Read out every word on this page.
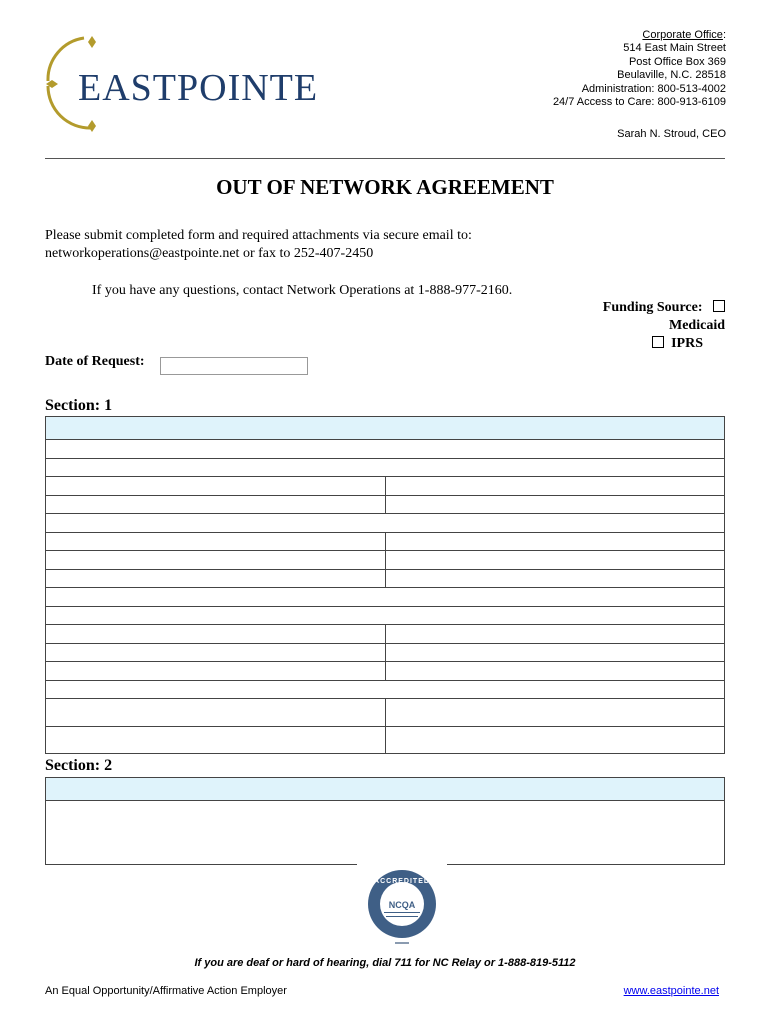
EASTPOINTE
Corporate Office:
514 East Main Street
Post Office Box 369
Beulaville, N.C. 28518
Administration: 800-513-4002
24/7 Access to Care: 800-913-6109
Sarah N. Stroud, CEO
OUT OF NETWORK AGREEMENT
Please submit completed form and required attachments via secure email to:
networkoperations@eastpointe.net or fax to 252-407-2450
If you have any questions, contact Network Operations at 1-888-977-2160.
Funding Source:
Medicaid
IPRS
Date of Request:
Section: 1
Section: 2
ACCREDITED
NCQA
If you are deaf or hard of hearing, dial 711 for NC Relay or 1-888-819-5112
An Equal Opportunity/Affirmative Action Employer	www.eastpointe.net
